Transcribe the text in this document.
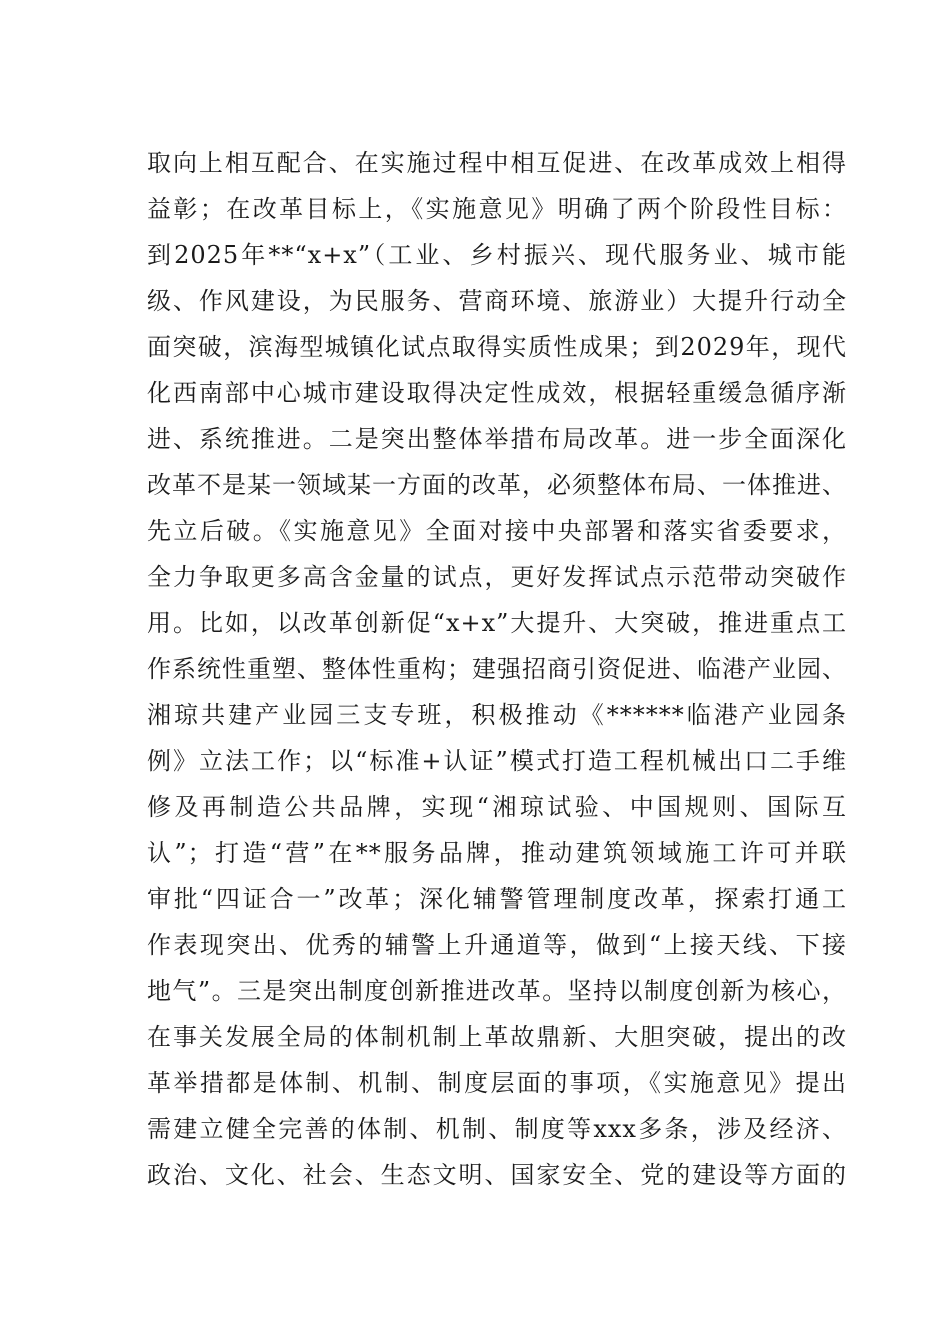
取向上相互配合、在实施过程中相互促进、在改革成效上相得
益彰；在改革目标上，《实施意见》明确了两个阶段性目标：
到2025年**“x+x”（工业、乡村振兴、现代服务业、城市能
级、作风建设，为民服务、营商环境、旅游业）大提升行动全
面突破，滨海型城镇化试点取得实质性成果；到2029年，现代
化西南部中心城市建设取得决定性成效，根据轻重缓急循序渐
进、系统推进。二是突出整体举措布局改革。进一步全面深化
改革不是某一领域某一方面的改革，必须整体布局、一体推进、
先立后破。《实施意见》全面对接中央部署和落实省委要求，
全力争取更多高含金量的试点，更好发挥试点示范带动突破作
用。比如，以改革创新促“x+x”大提升、大突破，推进重点工
作系统性重塑、整体性重构；建强招商引资促进、临港产业园、
湘琼共建产业园三支专班，积极推动《******临港产业园条
例》立法工作；以“标准+认证”模式打造工程机械出口二手维
修及再制造公共品牌，实现“湘琼试验、中国规则、国际互
认”；打造“营”在**服务品牌，推动建筑领域施工许可并联
审批“四证合一”改革；深化辅警管理制度改革，探索打通工
作表现突出、优秀的辅警上升通道等，做到“上接天线、下接
地气”。三是突出制度创新推进改革。坚持以制度创新为核心，
在事关发展全局的体制机制上革故鼎新、大胆突破，提出的改
革举措都是体制、机制、制度层面的事项，《实施意见》提出
需建立健全完善的体制、机制、制度等xxx多条，涉及经济、
政治、文化、社会、生态文明、国家安全、党的建设等方面的
